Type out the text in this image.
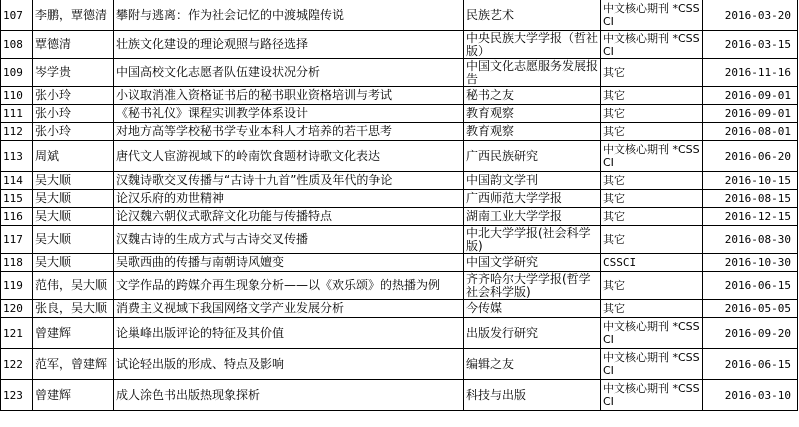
107	李鹏，覃德清	攀附与逃离：作为社会记忆的中渡城隍传说	民族艺术	中文核心期刊 *CSSCI	2016-03-20
108	覃德清	壮族文化建设的理论观照与路径选择	中央民族大学学报（哲社版）	中文核心期刊 *CSSCI	2016-03-15
109	岑学贵	中国高校文化志愿者队伍建设状况分析	中国文化志愿服务发展报告	其它	2016-11-16
110	张小玲	小议取消准入资格证书后的秘书职业资格培训与考试	秘书之友	其它	2016-09-01
111	张小玲	《秘书礼仪》课程实训教学体系设计	教育观察	其它	2016-09-01
112	张小玲	对地方高等学校秘书学专业本科人才培养的若干思考	教育观察	其它	2016-08-01
113	周斌	唐代文人宦游视域下的岭南饮食题材诗歌文化表达	广西民族研究	中文核心期刊 *CSSCI	2016-06-20
114	吴大顺	汉魏诗歌交叉传播与“古诗十九首”性质及年代的争论	中国韵文学刊	其它	2016-10-15
115	吴大顺	论汉乐府的劝世精神	广西师范大学学报	其它	2016-08-15
116	吴大顺	论汉魏六朝仪式歌辞文化功能与传播特点	湖南工业大学学报	其它	2016-12-15
117	吴大顺	汉魏古诗的生成方式与古诗交叉传播	中北大学学报(社会科学版)	其它	2016-08-30
118	吴大顺	吴歌西曲的传播与南朝诗风嬗变	中国文学研究	CSSCI	2016-10-30
119	范伟，吴大顺	文学作品的跨媒介再生现象分析——以《欢乐颂》的热播为例	齐齐哈尔大学学报(哲学社会科学版)	其它	2016-06-15
120	张良，吴大顺	消费主义视域下我国网络文学产业发展分析	今传媒	其它	2016-05-05
121	曾建辉	论巢峰出版评论的特征及其价值	出版发行研究	中文核心期刊 *CSSCI	2016-09-20
122	范军，曾建辉	试论轻出版的形成、特点及影响	编辑之友	中文核心期刊 *CSSCI	2016-06-15
123	曾建辉	成人涂色书出版热现象探析	科技与出版	中文核心期刊 *CSSCI	2016-03-10
